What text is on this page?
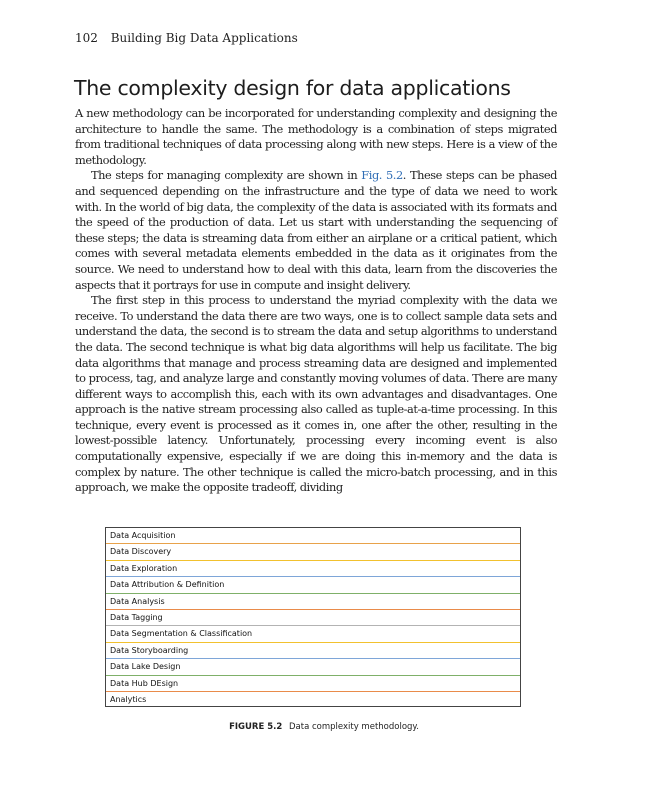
102 Building Big Data Applications
The complexity design for data applications

A new methodology can be incorporated for understanding complexity and designing the architecture to handle the same. The methodology is a combination of steps migrated from traditional techniques of data processing along with new steps. Here is a view of the methodology.

The steps for managing complexity are shown in Fig. 5.2. These steps can be phased and sequenced depending on the infrastructure and the type of data we need to work with. In the world of big data, the complexity of the data is associated with its formats and the speed of the production of data. Let us start with understanding the sequencing of these steps; the data is streaming data from either an airplane or a critical patient, which comes with several metadata elements embedded in the data as it originates from the source. We need to understand how to deal with this data, learn from the discoveries the aspects that it portrays for use in compute and insight delivery.

The first step in this process to understand the myriad complexity with the data we receive. To understand the data there are two ways, one is to collect sample data sets and understand the data, the second is to stream the data and setup algorithms to understand the data. The second technique is what big data algorithms will help us facilitate. The big data algorithms that manage and process streaming data are designed and implemented to process, tag, and analyze large and constantly moving volumes of data. There are many different ways to accomplish this, each with its own advantages and disadvantages. One approach is the native stream processing also called as tuple-at-a-time processing. In this technique, every event is processed as it comes in, one after the other, resulting in the lowest-possible latency. Unfortunately, processing every incoming event is also computationally expensive, especially if we are doing this in-memory and the data is complex by nature. The other technique is called the micro-batch processing, and in this approach, we make the opposite tradeoff, dividing

Data Acquisition
Data Discovery
Data Exploration
Data Attribution & Definition
Data Analysis
Data Tagging
Data Segmentation & Classification
Data Storyboarding
Data Lake Design
Data Hub DEsign
Analytics
FIGURE 5.2 Data complexity methodology.
